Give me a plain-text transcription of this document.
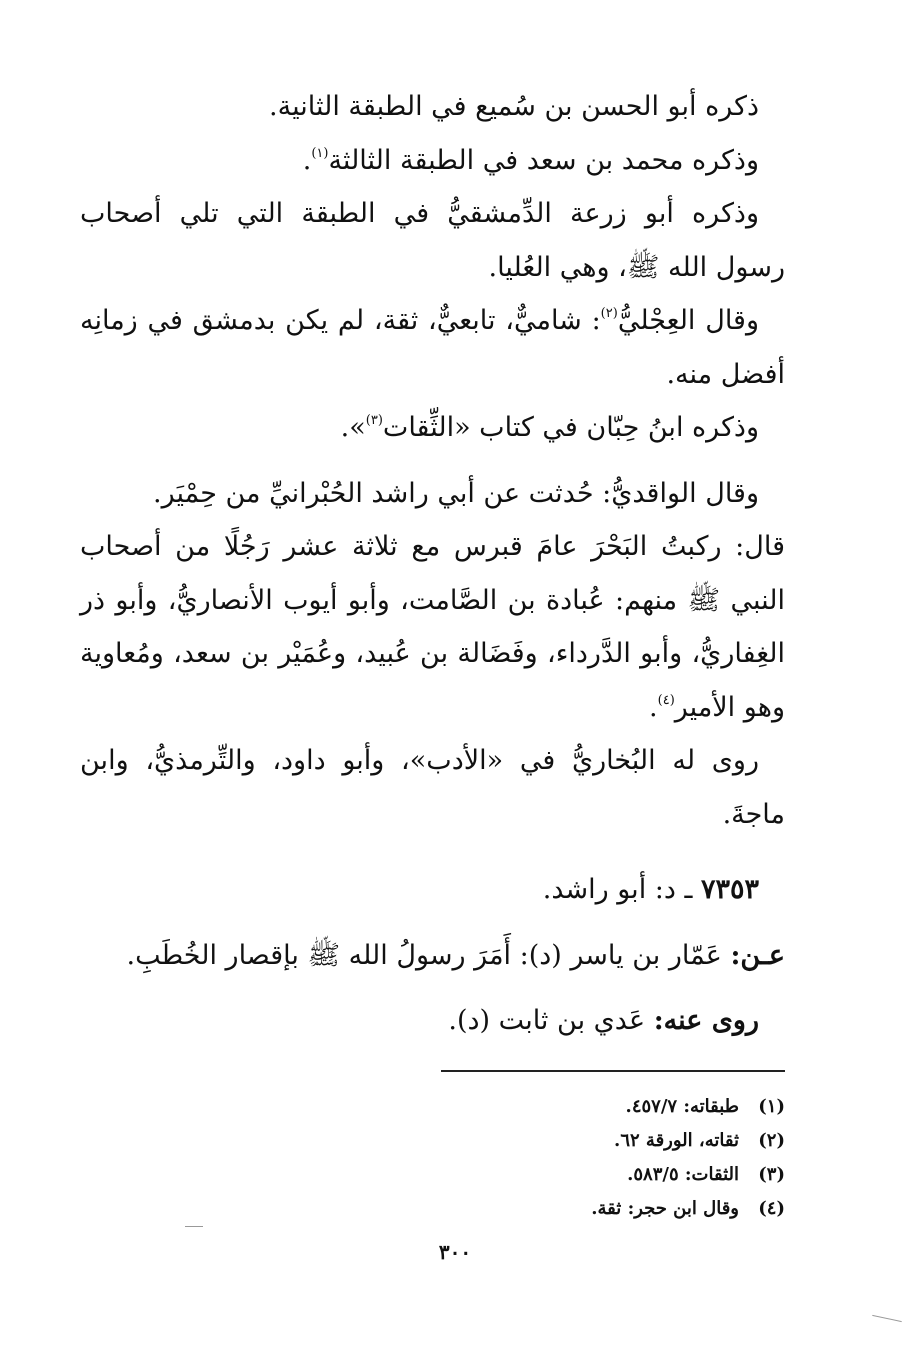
ذكره أبو الحسن بن سُميع في الطبقة الثانية.

وذكره محمد بن سعد في الطبقة الثالثة$^{(١)}$.

وذكره أبو زرعة الدِّمشقيُّ في الطبقة التي تلي أصحاب رسول الله ﷺ، وهي العُليا.

وقال العِجْليُّ$^{(٢)}$: شاميٌّ، تابعيٌّ، ثقة، لم يكن بدمشق في زمانِه أفضل منه.

وذكره ابنُ حِبّان في كتاب «الثِّقات$^{(٣)}$».

وقال الواقديُّ: حُدثت عن أبي راشد الحُبْرانيِّ من حِمْيَر.

قال: ركبتُ البَحْرَ عامَ قبرس مع ثلاثة عشر رَجُلًا من أصحاب النبي ﷺ منهم: عُبادة بن الصَّامت، وأبو أيوب الأنصاريُّ، وأبو ذر الغِفاريُّ، وأبو الدَّرداء، وفَضَالة بن عُبيد، وعُمَيْر بن سعد، ومُعاوية وهو الأمير$^{(٤)}$.

روى له البُخاريُّ في «الأدب»، وأبو داود، والتِّرمذيُّ، وابن ماجةَ.

٧٣٥٣ ـ د: أبو راشد.

عـن: عَمّار بن ياسر (د): أَمَرَ رسولُ الله ﷺ بإقصار الخُطَبِ.

روى عنه: عَدي بن ثابت (د).

(١)
طبقاته: ٤٥٧/٧.
(٢)
ثقاته، الورقة ٦٢.
(٣)
الثقات: ٥٨٣/٥.
(٤)
وقال ابن حجر: ثقة.
٣٠٠
